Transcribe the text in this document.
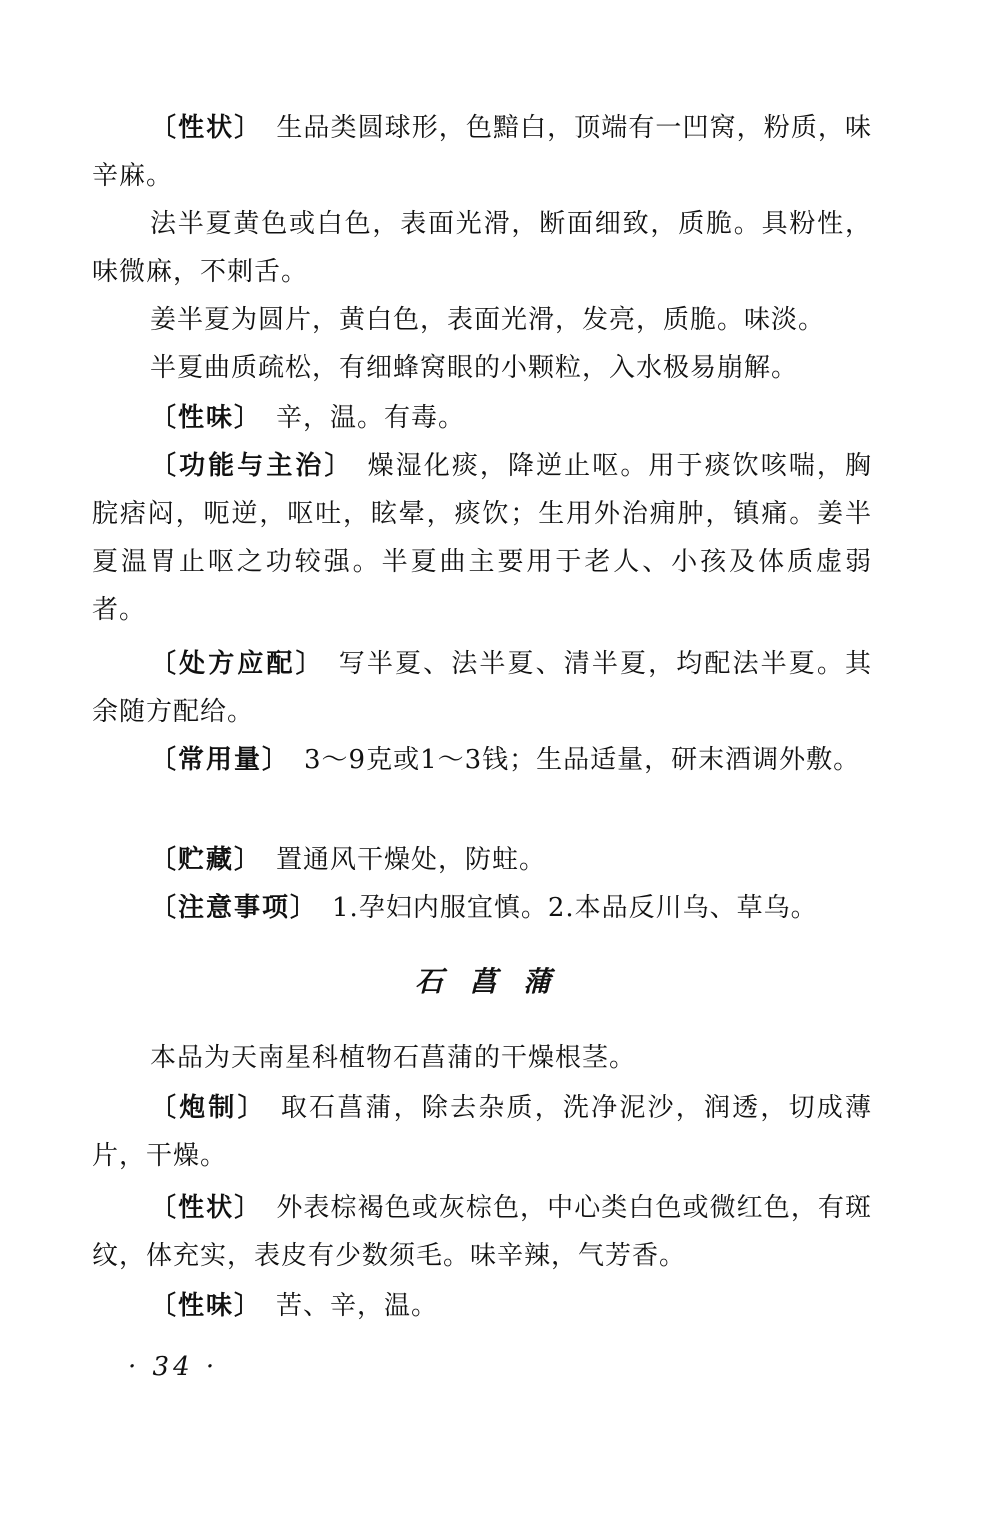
〔性状〕 生品类圆球形，色黯白，顶端有一凹窝，粉质，味辛麻。

法半夏黄色或白色，表面光滑，断面细致，质脆。具粉性，味微麻，不刺舌。

姜半夏为圆片，黄白色，表面光滑，发亮，质脆。味淡。

半夏曲质疏松，有细蜂窝眼的小颗粒，入水极易崩解。

〔性味〕 辛，温。有毒。

〔功能与主治〕 燥湿化痰，降逆止呕。用于痰饮咳喘，胸脘痞闷，呃逆，呕吐，眩晕，痰饮；生用外治痈肿，镇痛。姜半夏温胃止呕之功较强。半夏曲主要用于老人、小孩及体质虚弱者。

〔处方应配〕 写半夏、法半夏、清半夏，均配法半夏。其余随方配给。

〔常用量〕 3～9克或1～3钱；生品适量，研末酒调外敷。

〔贮藏〕 置通风干燥处，防蛀。

〔注意事项〕 1.孕妇内服宜慎。2.本品反川乌、草乌。

石菖蒲

本品为天南星科植物石菖蒲的干燥根茎。

〔炮制〕 取石菖蒲，除去杂质，洗净泥沙，润透，切成薄片，干燥。

〔性状〕 外表棕褐色或灰棕色，中心类白色或微红色，有斑纹，体充实，表皮有少数须毛。味辛辣，气芳香。

〔性味〕 苦、辛，温。

· 34 ·
